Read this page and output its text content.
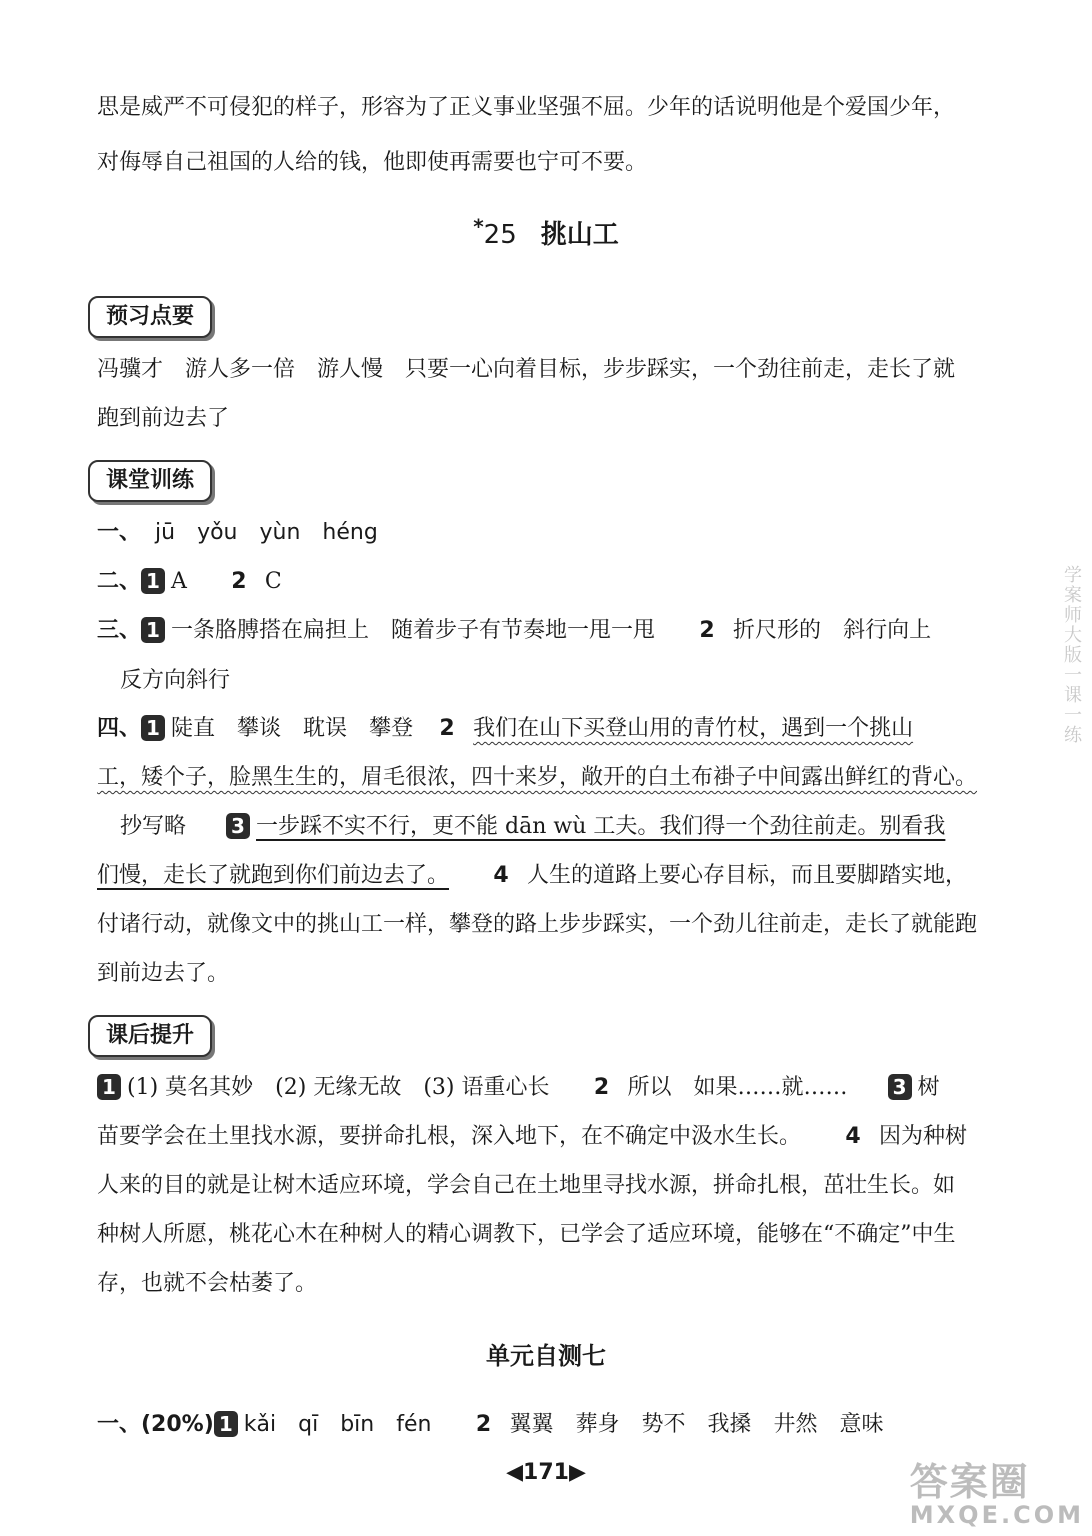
思是威严不可侵犯的样子，形容为了正义事业坚强不屈。少年的话说明他是个爱国少年，
对侮辱自己祖国的人给的钱，他即使再需要也宁可不要。
*25 挑山工
预习点要
冯骥才　游人多一倍　游人慢　只要一心向着目标，步步踩实，一个劲往前走，走长了就
跑到前边去了
课堂训练
一、 jū yǒu yùn héng
二、 1 A 2 C
三、 1 一条胳膊搭在扁担上 随着步子有节奏地一甩一甩 2 折尺形的 斜行向上
反方向斜行
四、 1 陡直 攀谈 耽误 攀登 2 我们在山下买登山用的青竹杖，遇到一个挑山
工，矮个子，脸黑生生的，眉毛很浓，四十来岁，敞开的白土布褂子中间露出鲜红的背心。
抄写略 3 一步踩不实不行，更不能 dān wù 工夫。我们得一个劲往前走。别看我
们慢，走长了就跑到你们前边去了。 4 人生的道路上要心存目标，而且要脚踏实地，
付诸行动，就像文中的挑山工一样，攀登的路上步步踩实，一个劲儿往前走，走长了就能跑
到前边去了。
课后提升
1 (1) 莫名其妙 (2) 无缘无故 (3) 语重心长 2 所以 如果……就…… 3 树
苗要学会在土里找水源，要拼命扎根，深入地下，在不确定中汲水生长。 4 因为种树
人来的目的就是让树木适应环境，学会自己在土地里寻找水源，拼命扎根，茁壮生长。如
种树人所愿，桃花心木在种树人的精心调教下，已学会了适应环境，能够在“不确定”中生
存，也就不会枯萎了。
单元自测七
一、(20%) 1 kǎi qī bīn fén 2 翼翼 葬身 势不 我搡 井然 意味
学案师大版一课一练
◀171▶	答案圈
MXQE.COM
